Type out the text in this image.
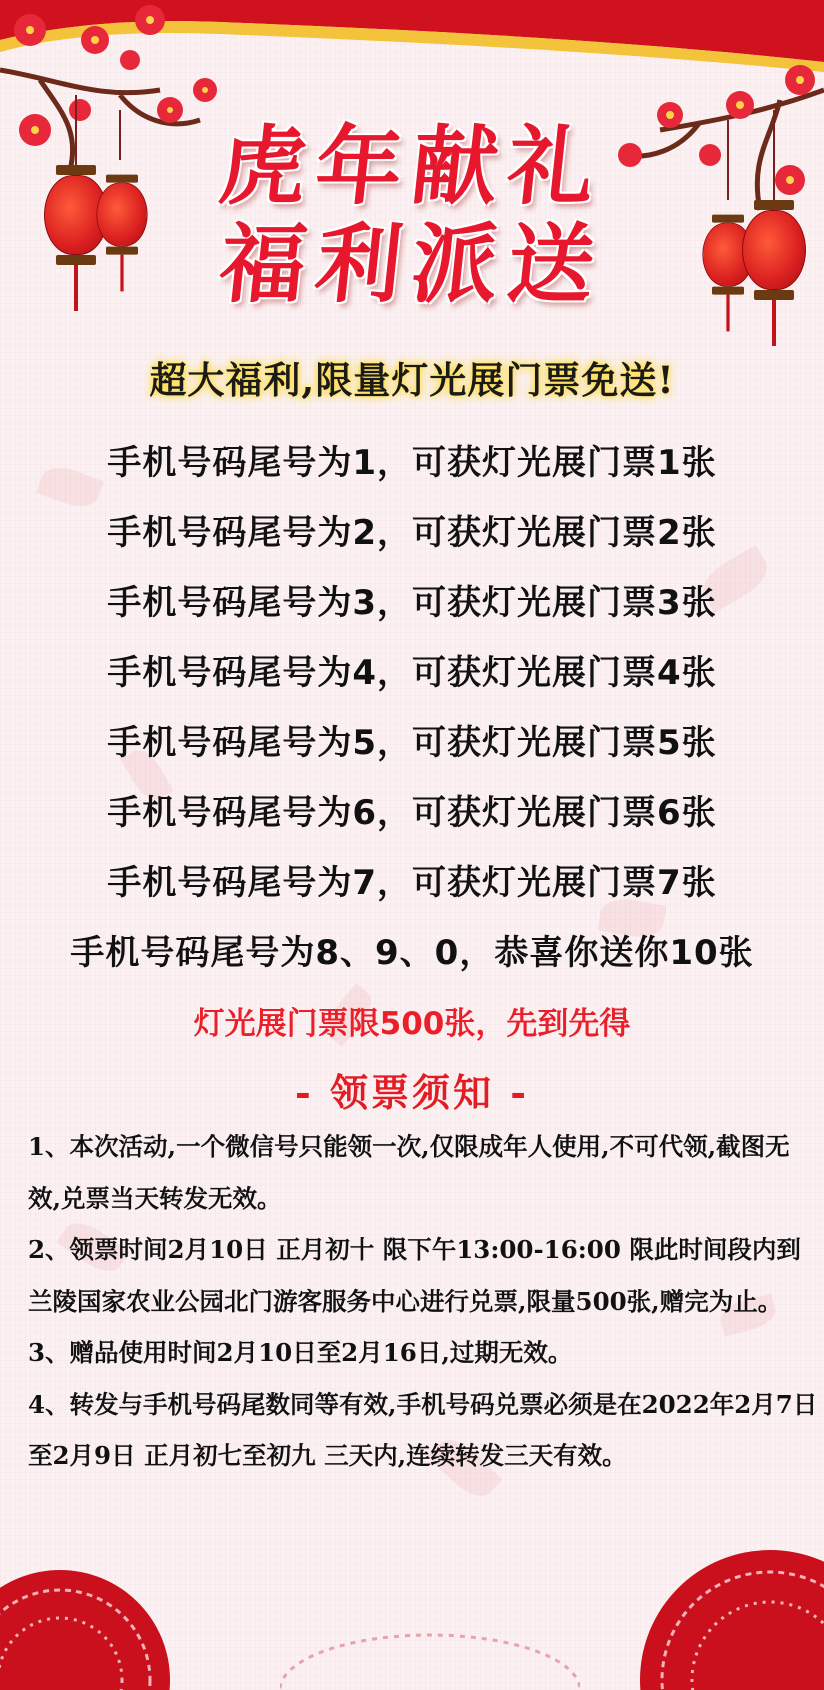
虎年献礼
福利派送
超大福利,限量灯光展门票免送!
手机号码尾号为1，可获灯光展门票1张
手机号码尾号为2，可获灯光展门票2张
手机号码尾号为3，可获灯光展门票3张
手机号码尾号为4，可获灯光展门票4张
手机号码尾号为5，可获灯光展门票5张
手机号码尾号为6，可获灯光展门票6张
手机号码尾号为7，可获灯光展门票7张
手机号码尾号为8、9、0，恭喜你送你10张
灯光展门票限500张，先到先得
- 领票须知 -

1、本次活动,一个微信号只能领一次,仅限成年人使用,不可代领,截图无效,兑票当天转发无效。

2、领票时间2月10日 正月初十 限下午13:00-16:00 限此时间段内到兰陵国家农业公园北门游客服务中心进行兑票,限量500张,赠完为止。

3、赠品使用时间2月10日至2月16日,过期无效。

4、转发与手机号码尾数同等有效,手机号码兑票必须是在2022年2月7日至2月9日 正月初七至初九 三天内,连续转发三天有效。
